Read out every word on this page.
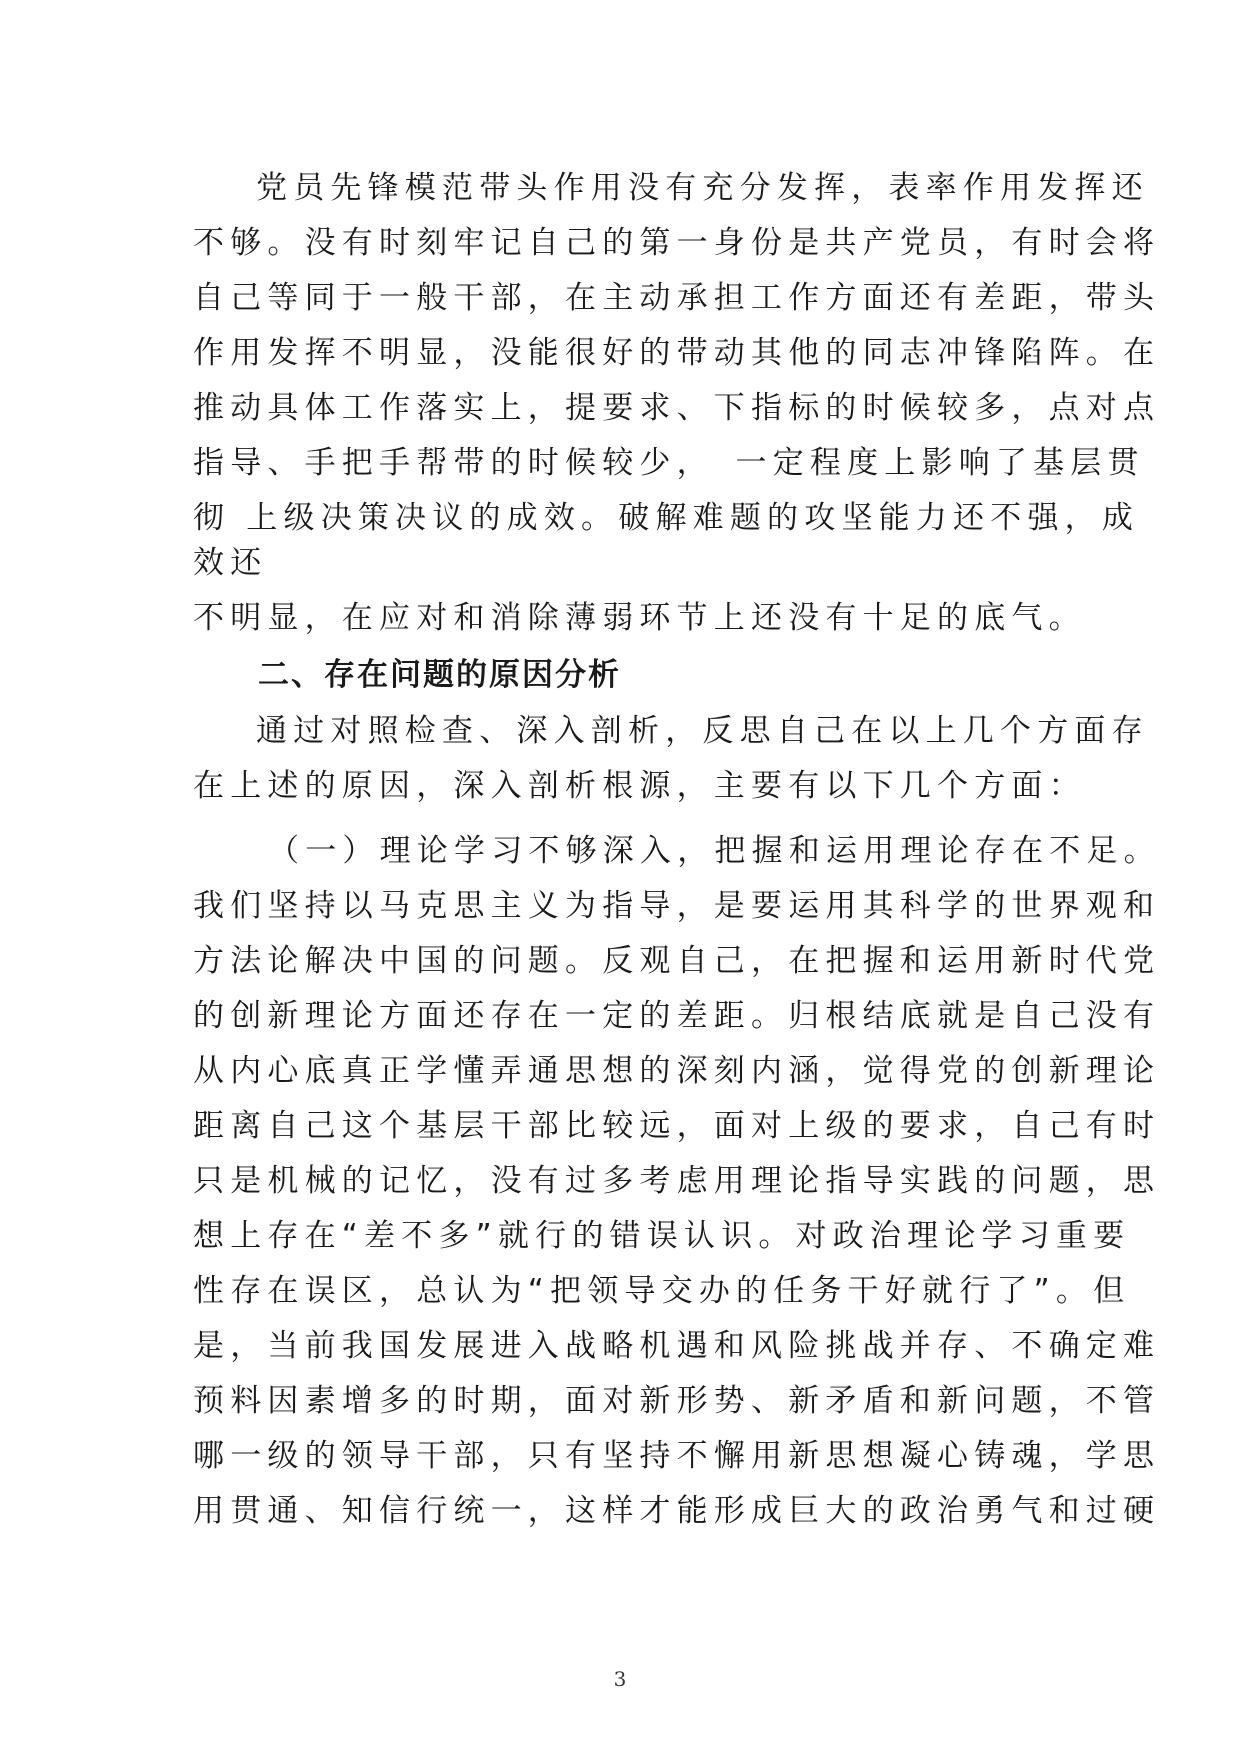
党员先锋模范带头作用没有充分发挥，表率作用发挥还
不够。没有时刻牢记自己的第一身份是共产党员，有时会将
自己等同于一般干部，在主动承担工作方面还有差距，带头
作用发挥不明显，没能很好的带动其他的同志冲锋陷阵。在
推动具体工作落实上，提要求、下指标的时候较多，点对点
指导、手把手帮带的时候较少，　一定程度上影响了基层贯
彻 上级决策决议的成效。破解难题的攻坚能力还不强，成
效还
不明显，在应对和消除薄弱环节上还没有十足的底气。
二、存在问题的原因分析
通过对照检查、深入剖析，反思自己在以上几个方面存
在上述的原因，深入剖析根源，主要有以下几个方面：
（一）理论学习不够深入，把握和运用理论存在不足。
我们坚持以马克思主义为指导，是要运用其科学的世界观和
方法论解决中国的问题。反观自己，在把握和运用新时代党
的创新理论方面还存在一定的差距。归根结底就是自己没有
从内心底真正学懂弄通思想的深刻内涵，觉得党的创新理论
距离自己这个基层干部比较远，面对上级的要求，自己有时
只是机械的记忆，没有过多考虑用理论指导实践的问题，思
想上存在“差不多”就行的错误认识。对政治理论学习重要
性存在误区，总认为“把领导交办的任务干好就行了”。但
是，当前我国发展进入战略机遇和风险挑战并存、不确定难
预料因素增多的时期，面对新形势、新矛盾和新问题，不管
哪一级的领导干部，只有坚持不懈用新思想凝心铸魂，学思
用贯通、知信行统一，这样才能形成巨大的政治勇气和过硬
3
